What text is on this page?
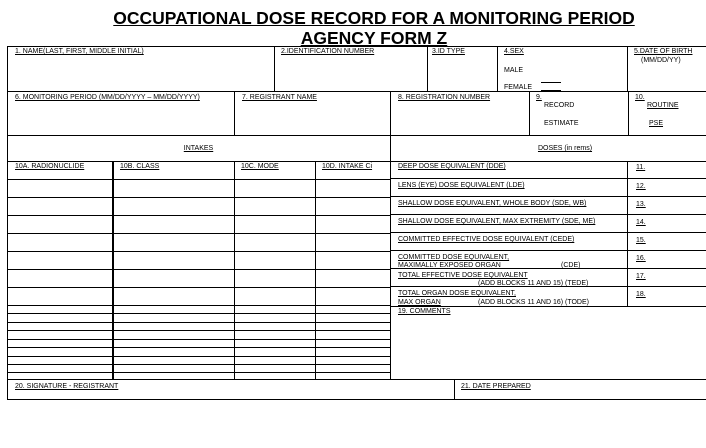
OCCUPATIONAL DOSE RECORD FOR A MONITORING PERIOD
AGENCY FORM Z
1. NAME(LAST, FIRST, MIDDLE INITIAL)	2.IDENTIFICATION NUMBER	3.ID TYPE	4.SEX
MALE
FEMALE
5.DATE OF BIRTH
(MM/DD/YY)
6. MONITORING PERIOD (MM/DD/YYYY – MM/DD/YYYY)	7. REGISTRANT NAME	8. REGISTRATION NUMBER	9.
RECORD
ESTIMATE
10.
ROUTINE
PSE
INTAKES	DOSES (in rems)
10A. RADIONUCLIDE	10B. CLASS	10C. MODE	10D. INTAKE Ci	DEEP DOSE EQUIVALENT (DDE)	11.
LENS (EYE) DOSE EQUIVALENT (LDE)	12.
SHALLOW DOSE EQUIVALENT, WHOLE BODY (SDE, WB)	13.
SHALLOW DOSE EQUIVALENT, MAX EXTREMITY (SDE, ME)	14.
COMMITTED EFFECTIVE DOSE EQUIVALENT (CEDE)	15.
COMMITTED DOSE EQUIVALENT,
MAXIMALLY EXPOSED ORGAN	(CDE)
16.
TOTAL EFFECTIVE DOSE EQUIVALENT
(ADD BLOCKS 11 AND 15) (TEDE)
17.
TOTAL ORGAN DOSE EQUIVALENT,
MAX ORGAN	(ADD BLOCKS 11 AND 16) (TODE)
18.
19. COMMENTS
20. SIGNATURE - REGISTRANT	21. DATE PREPARED
